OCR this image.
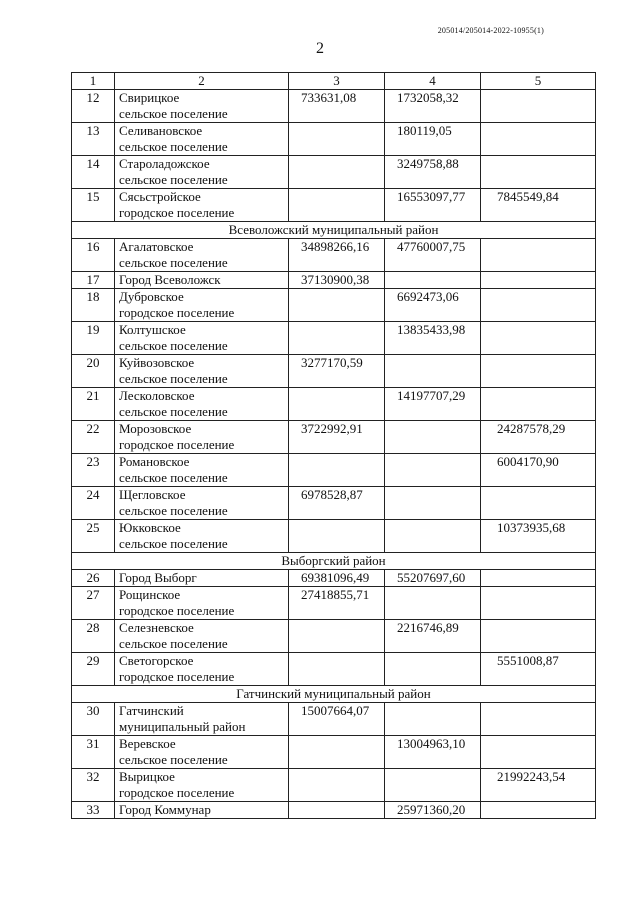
205014/205014-2022-10955(1)
2
1	2	3	4	5
12	Свирицкое
сельское поселение	733631,08	1732058,32	
13	Селивановское
сельское поселение		180119,05	
14	Староладожское
сельское поселение		3249758,88	
15	Сясьстройское
городское поселение		16553097,77	7845549,84
Всеволожский муниципальный район				
16	Агалатовское
сельское поселение	34898266,16	47760007,75	
17	Город Всеволожск	37130900,38		
18	Дубровское
городское поселение		6692473,06	
19	Колтушское
сельское поселение		13835433,98	
20	Куйвозовское
сельское поселение	3277170,59		
21	Лесколовское
сельское поселение		14197707,29	
22	Морозовское
городское поселение	3722992,91		24287578,29
23	Романовское
сельское поселение			6004170,90
24	Щегловское
сельское поселение	6978528,87		
25	Юкковское
сельское поселение			10373935,68
Выборгский район				
26	Город Выборг	69381096,49	55207697,60	
27	Рощинское
городское поселение	27418855,71		
28	Селезневское
сельское поселение		2216746,89	
29	Светогорское
городское поселение			5551008,87
Гатчинский муниципальный район				
30	Гатчинский
муниципальный район	15007664,07		
31	Веревское
сельское поселение		13004963,10	
32	Вырицкое
городское поселение			21992243,54
33	Город Коммунар		25971360,20	
